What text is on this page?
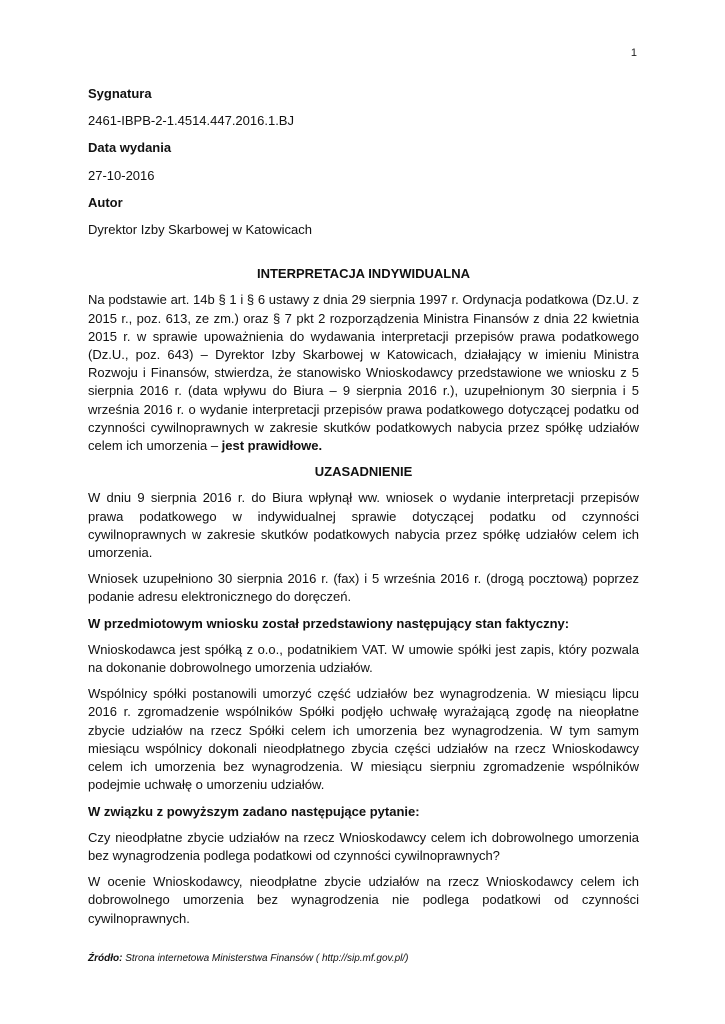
1
Sygnatura
2461-IBPB-2-1.4514.447.2016.1.BJ
Data wydania
27-10-2016
Autor
Dyrektor Izby Skarbowej w Katowicach
INTERPRETACJA INDYWIDUALNA

Na podstawie art. 14b § 1 i § 6 ustawy z dnia 29 sierpnia 1997 r. Ordynacja podatkowa (Dz.U. z 2015 r., poz. 613, ze zm.) oraz § 7 pkt 2 rozporządzenia Ministra Finansów z dnia 22 kwietnia 2015 r. w sprawie upoważnienia do wydawania interpretacji przepisów prawa podatkowego (Dz.U., poz. 643) – Dyrektor Izby Skarbowej w Katowicach, działający w imieniu Ministra Rozwoju i Finansów, stwierdza, że stanowisko Wnioskodawcy przedstawione we wniosku z 5 sierpnia 2016 r. (data wpływu do Biura – 9 sierpnia 2016 r.), uzupełnionym 30 sierpnia i 5 września 2016 r. o wydanie interpretacji przepisów prawa podatkowego dotyczącej podatku od czynności cywilnoprawnych w zakresie skutków podatkowych nabycia przez spółkę udziałów celem ich umorzenia – jest prawidłowe.

UZASADNIENIE

W dniu 9 sierpnia 2016 r. do Biura wpłynął ww. wniosek o wydanie interpretacji przepisów prawa podatkowego w indywidualnej sprawie dotyczącej podatku od czynności cywilnoprawnych w zakresie skutków podatkowych nabycia przez spółkę udziałów celem ich umorzenia.

Wniosek uzupełniono 30 sierpnia 2016 r. (fax) i 5 września 2016 r. (drogą pocztową) poprzez podanie adresu elektronicznego do doręczeń.

W przedmiotowym wniosku został przedstawiony następujący stan faktyczny:

Wnioskodawca jest spółką z o.o., podatnikiem VAT. W umowie spółki jest zapis, który pozwala na dokonanie dobrowolnego umorzenia udziałów.

Wspólnicy spółki postanowili umorzyć część udziałów bez wynagrodzenia. W miesiącu lipcu 2016 r. zgromadzenie wspólników Spółki podjęło uchwałę wyrażającą zgodę na nieopłatne zbycie udziałów na rzecz Spółki celem ich umorzenia bez wynagrodzenia. W tym samym miesiącu wspólnicy dokonali nieodpłatnego zbycia części udziałów na rzecz Wnioskodawcy celem ich umorzenia bez wynagrodzenia. W miesiącu sierpniu zgromadzenie wspólników podejmie uchwałę o umorzeniu udziałów.

W związku z powyższym zadano następujące pytanie:

Czy nieodpłatne zbycie udziałów na rzecz Wnioskodawcy celem ich dobrowolnego umorzenia bez wynagrodzenia podlega podatkowi od czynności cywilnoprawnych?

W ocenie Wnioskodawcy, nieodpłatne zbycie udziałów na rzecz Wnioskodawcy celem ich dobrowolnego umorzenia bez wynagrodzenia nie podlega podatkowi od czynności cywilnoprawnych.

Źródło: Strona internetowa Ministerstwa Finansów ( http://sip.mf.gov.pl/)
